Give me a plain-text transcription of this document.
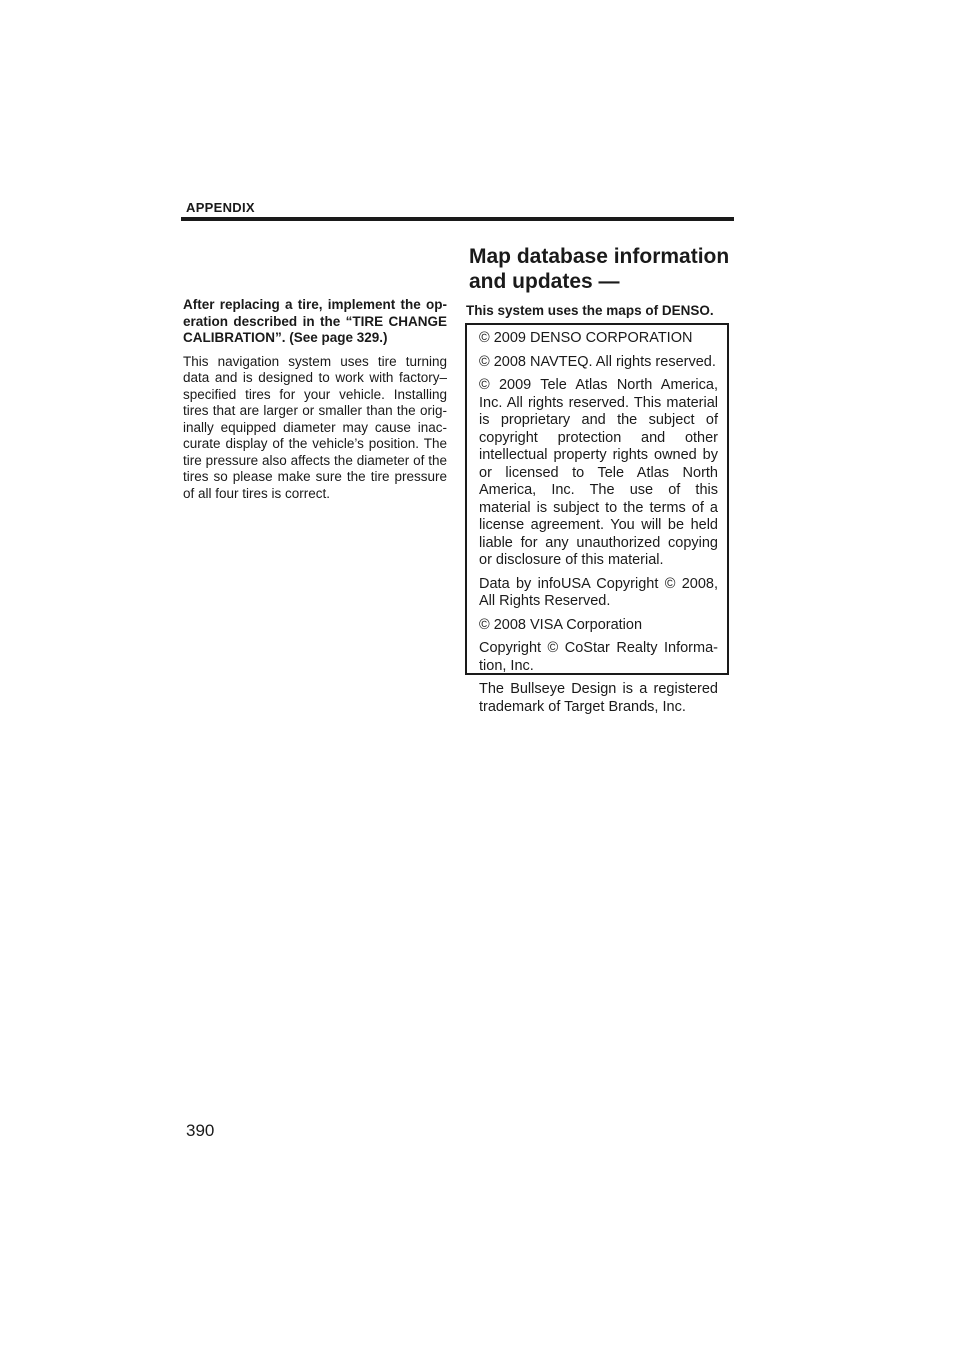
APPENDIX
Map database information
and updates —

After replacing a tire, implement the operation described in the “TIRE CHANGE CALIBRATION”. (See page 329.)

This navigation system uses tire turning data and is designed to work with factory–specified tires for your vehicle. Installing tires that are larger or smaller than the originally equipped diameter may cause inaccurate display of the vehicle’s position. The tire pressure also affects the diameter of the tires so please make sure the tire pressure of all four tires is correct.

This system uses the maps of DENSO.

© 2009 DENSO CORPORATION

© 2008 NAVTEQ. All rights reserved.

© 2009 Tele Atlas North America, Inc. All rights reserved. This material is proprietary and the subject of copyright protection and other intellectual property rights owned by or licensed to Tele Atlas North America, Inc. The use of this material is subject to the terms of a license agreement. You will be held liable for any unauthorized copying or disclosure of this material.

Data by infoUSA Copyright © 2008, All Rights Reserved.

© 2008 VISA Corporation

Copyright © CoStar Realty Information, Inc.

The Bullseye Design is a registered trademark of Target Brands, Inc.

390
